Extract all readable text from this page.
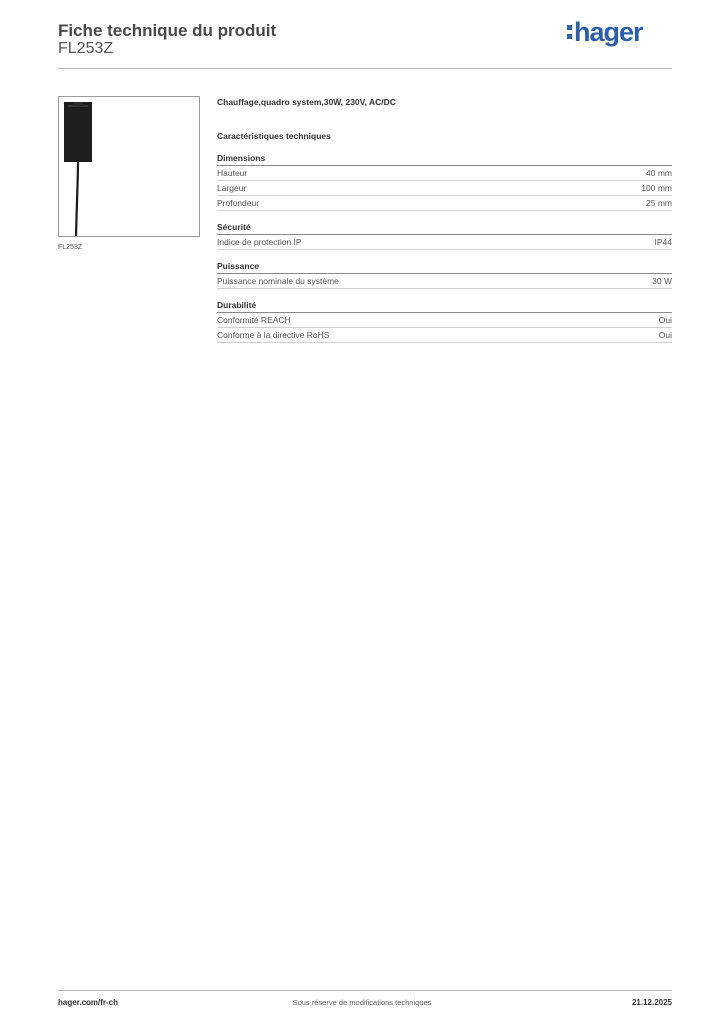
Fiche technique du produit
FL253Z
hager
FL253Z
Chauffage,quadro system,30W, 230V, AC/DC
Caractéristiques techniques
Dimensions
Hauteur	40 mm
Largeur	100 mm
Profondeur	25 mm
Sécurité
Indice de protection IP	IP44
Puissance
Puissance nominale du système	30 W
Durabilité
Conformité REACH	Oui
Conforme à la directive RoHS	Oui
Sous réserve de modifications techniques
hager.com/fr-ch	21.12.2025
